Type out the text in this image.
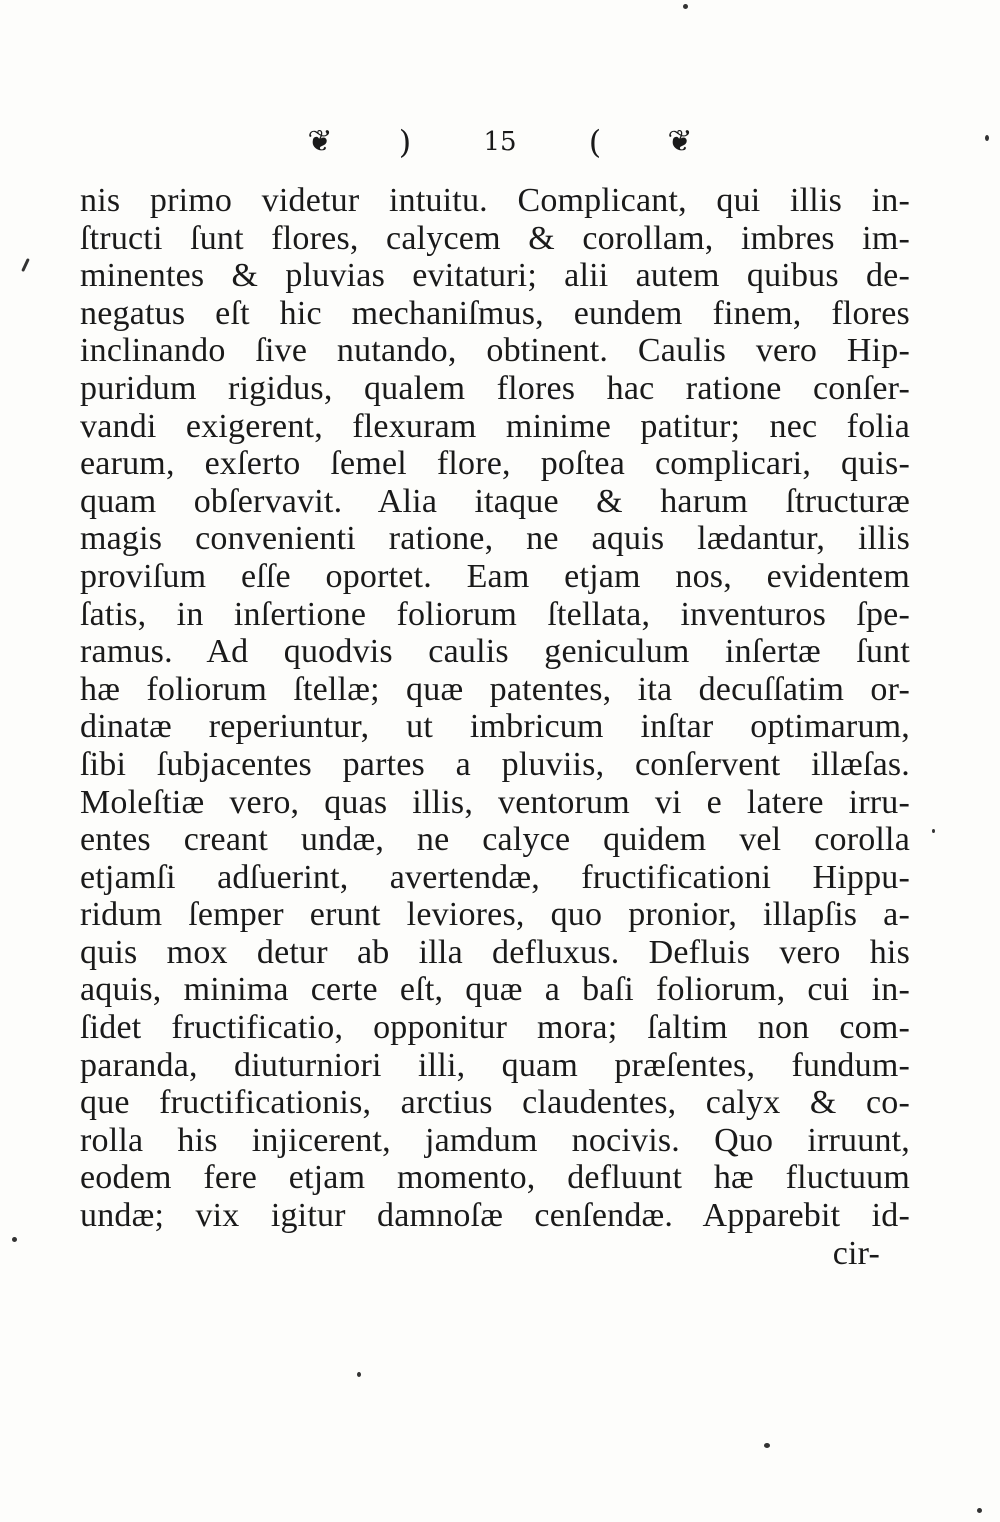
❦ )	15	( ❦
nis primo videtur intuitu. Complicant, qui illis in-
ſtructi ſunt flores, calycem & corollam, imbres im-
minentes & pluvias evitaturi; alii autem quibus de-
negatus eſt hic mechaniſmus, eundem finem, flores
inclinando ſive nutando, obtinent. Caulis vero Hip-
puridum rigidus, qualem flores hac ratione conſer-
vandi exigerent, flexuram minime patitur; nec folia
earum, exſerto ſemel flore, poſtea complicari, quis-
quam obſervavit. Alia itaque & harum ſtructuræ
magis convenienti ratione, ne aquis lædantur, illis
proviſum eſſe oportet. Eam etjam nos, evidentem
ſatis, in inſertione foliorum ſtellata, inventuros ſpe-
ramus. Ad quodvis caulis geniculum inſertæ ſunt
hæ foliorum ſtellæ; quæ patentes, ita decuſſatim or-
dinatæ reperiuntur, ut imbricum inſtar optimarum,
ſibi ſubjacentes partes a pluviis, conſervent illæſas.
Moleſtiæ vero, quas illis, ventorum vi e latere irru-
entes creant undæ, ne calyce quidem vel corolla
etjamſi adſuerint, avertendæ, fructificationi Hippu-
ridum ſemper erunt leviores, quo pronior, illapſis a-
quis mox detur ab illa defluxus. Defluis vero his
aquis, minima certe eſt, quæ a baſi foliorum, cui in-
ſidet fructificatio, opponitur mora; ſaltim non com-
paranda, diuturniori illi, quam præſentes, fundum-
que fructificationis, arctius claudentes, calyx & co-
rolla his injicerent, jamdum nocivis. Quo irruunt,
eodem fere etjam momento, defluunt hæ fluctuum
undæ; vix igitur damnoſæ cenſendæ. Apparebit id-
cir-
